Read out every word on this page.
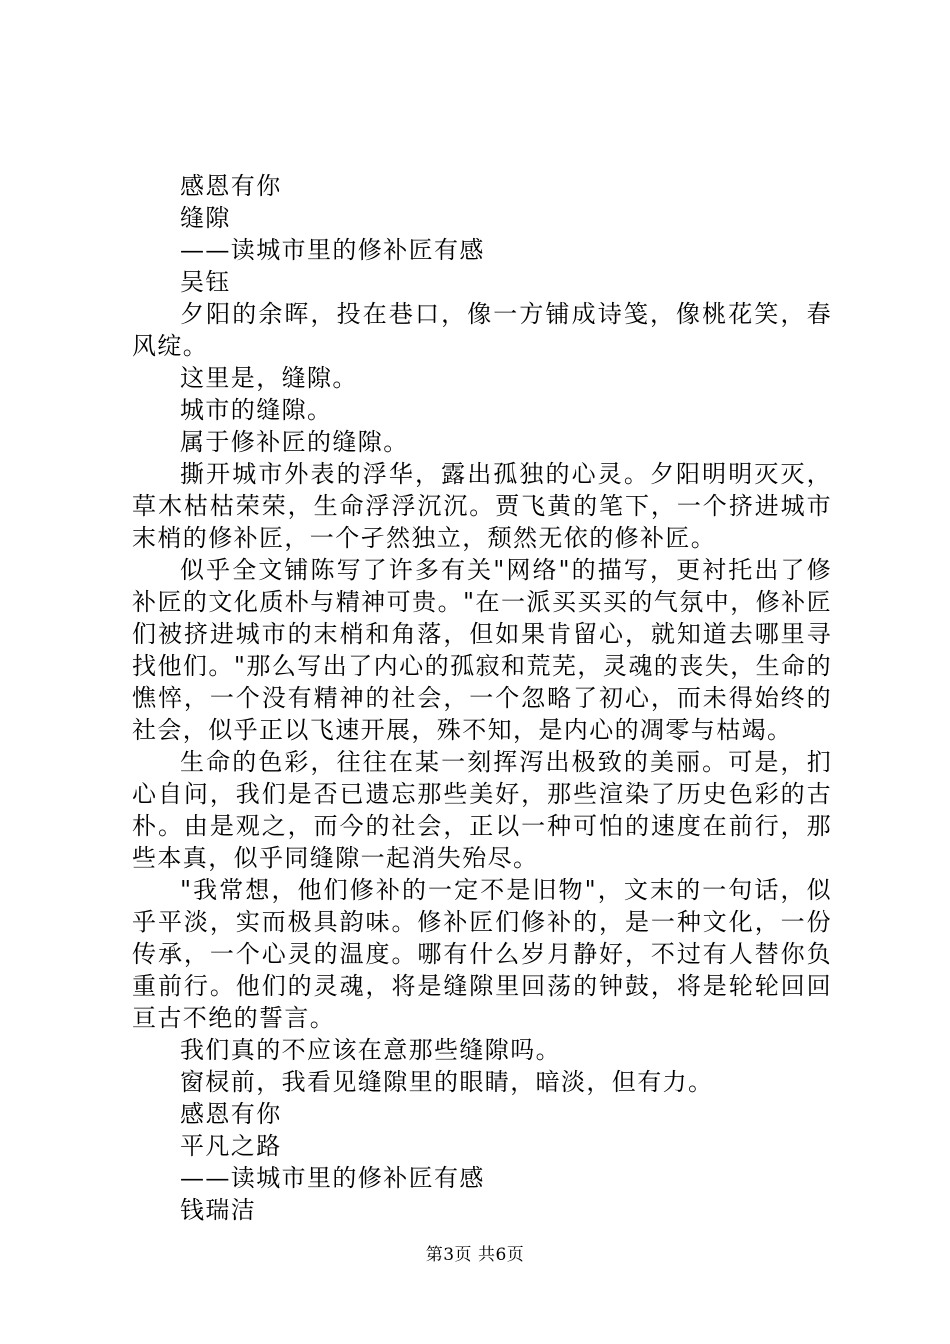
感恩有你

缝隙

——读城市里的修补匠有感

吴钰

夕阳的余晖，投在巷口，像一方铺成诗笺，像桃花笑，春风绽。

这里是，缝隙。

城市的缝隙。

属于修补匠的缝隙。

撕开城市外表的浮华，露出孤独的心灵。夕阳明明灭灭，草木枯枯荣荣，生命浮浮沉沉。贾飞黄的笔下，一个挤进城市末梢的修补匠，一个孑然独立，颓然无依的修补匠。

似乎全文铺陈写了许多有关"网络"的描写，更衬托出了修补匠的文化质朴与精神可贵。"在一派买买买的气氛中，修补匠们被挤进城市的末梢和角落，但如果肯留心，就知道去哪里寻找他们。"那么写出了内心的孤寂和荒芜，灵魂的丧失，生命的憔悴，一个没有精神的社会，一个忽略了初心，而未得始终的社会，似乎正以飞速开展，殊不知，是内心的凋零与枯竭。

生命的色彩，往往在某一刻挥泻出极致的美丽。可是，扪心自问，我们是否已遗忘那些美好，那些渲染了历史色彩的古朴。由是观之，而今的社会，正以一种可怕的速度在前行，那些本真，似乎同缝隙一起消失殆尽。

"我常想，他们修补的一定不是旧物"，文末的一句话，似乎平淡，实而极具韵味。修补匠们修补的，是一种文化，一份传承，一个心灵的温度。哪有什么岁月静好，不过有人替你负重前行。他们的灵魂，将是缝隙里回荡的钟鼓，将是轮轮回回亘古不绝的誓言。

我们真的不应该在意那些缝隙吗。

窗棂前，我看见缝隙里的眼睛，暗淡，但有力。

感恩有你

平凡之路

——读城市里的修补匠有感

钱瑞洁

第3页 共6页
